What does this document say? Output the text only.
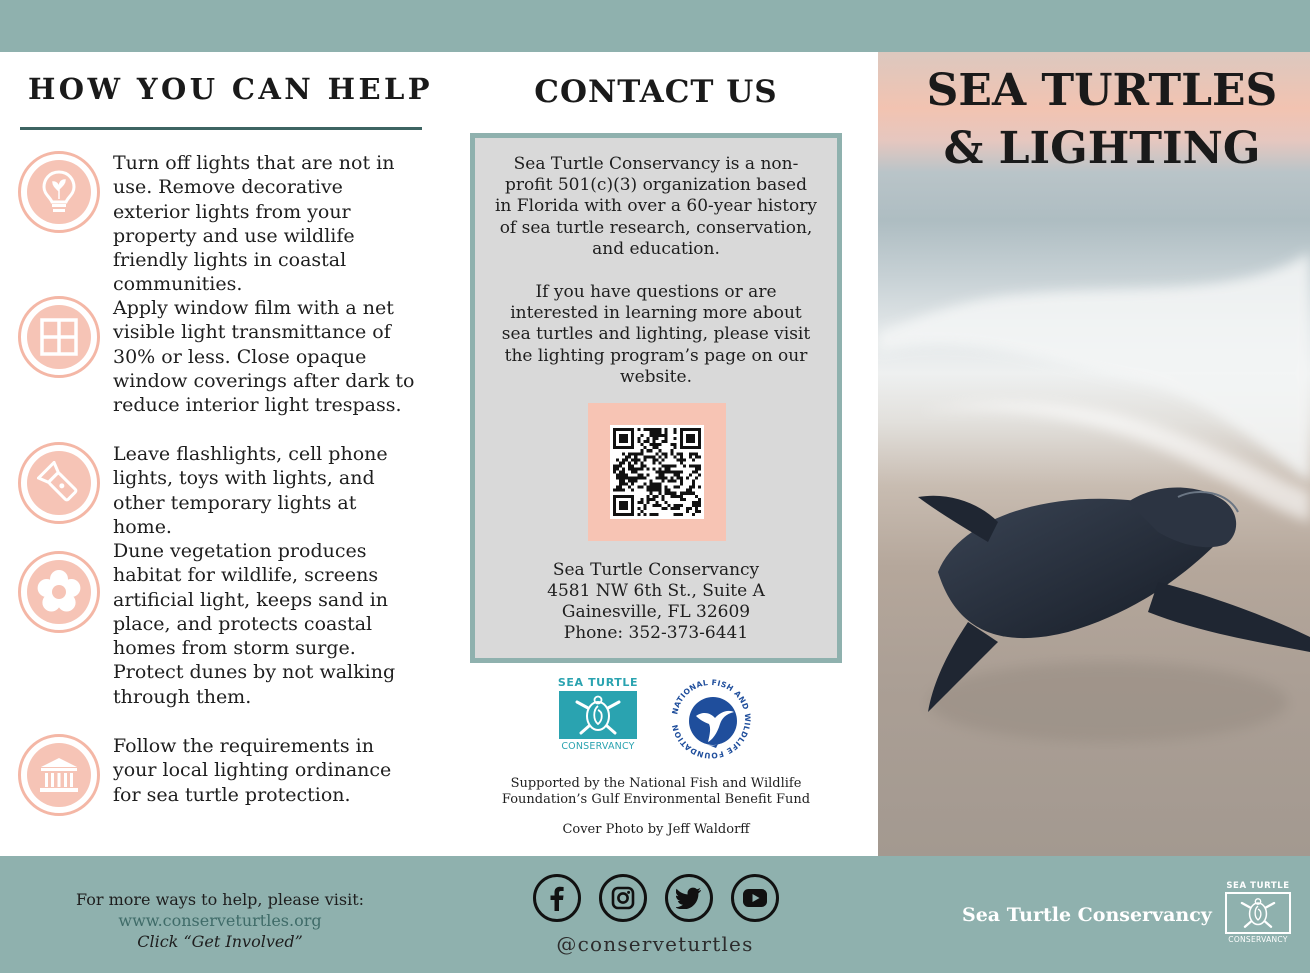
HOW YOU CAN HELP

Turn off lights that are not in use. Remove decorative exterior lights from your property and use wildlife friendly lights in coastal communities.

Apply window film with a net visible light transmittance of 30% or less. Close opaque window coverings after dark to reduce interior light trespass.

Leave flashlights, cell phone lights, toys with lights, and other temporary lights at home.

Dune vegetation produces habitat for wildlife, screens artificial light, keeps sand in place, and protects coastal homes from storm surge. Protect dunes by not walking through them.

Follow the requirements in your local lighting ordinance for sea turtle protection.

CONTACT US

Sea Turtle Conservancy is a non-profit 501(c)(3) organization based in Florida with over a 60-year history of sea turtle research, conservation, and education.

If you have questions or are interested in learning more about sea turtles and lighting, please visit the lighting program’s page on our website.

Sea Turtle Conservancy
4581 NW 6th St., Suite A
Gainesville, FL 32609
Phone: 352-373-6441
SEA TURTLE
CONSERVANCY
NATIONAL FISH AND WILDLIFE FOUNDATION
Supported by the National Fish and Wildlife
Foundation’s Gulf Environmental Benefit Fund
Cover Photo by Jeff Waldorff
SEA TURTLES
& LIGHTING
For more ways to help, please visit:
www.conserveturtles.org
Click “Get Involved”	@conserveturtles
Sea Turtle Conservancy
SEA TURTLE
CONSERVANCY
